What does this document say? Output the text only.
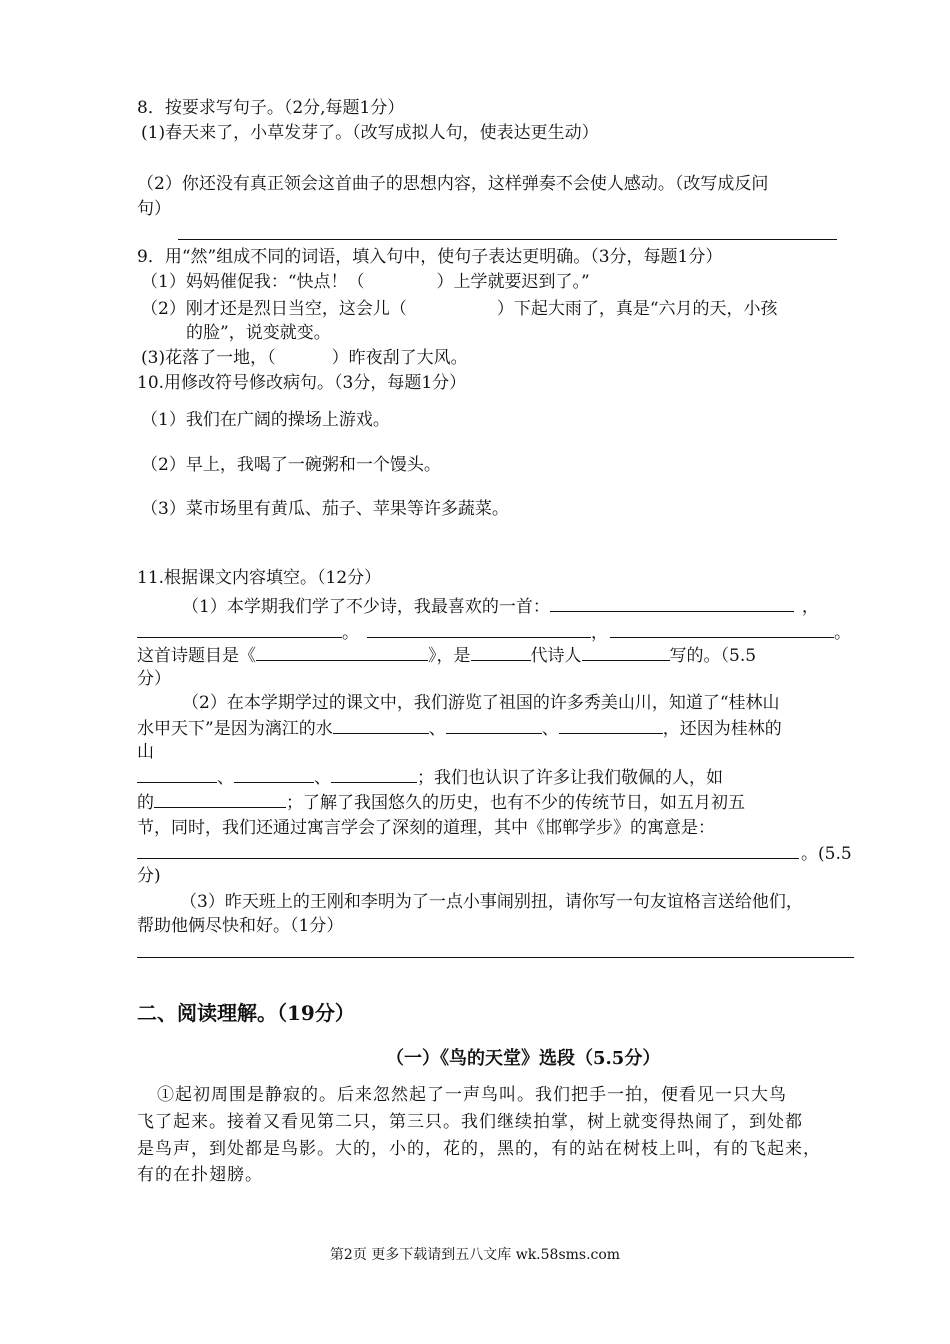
8．按要求写句子。（2分,每题1分）
(1)春天来了，小草发芽了。（改写成拟人句，使表达更生动）
（2）你还没有真正领会这首曲子的思想内容，这样弹奏不会使人感动。（改写成反问
句）
9．用“然”组成不同的词语，填入句中，使句子表达更明确。（3分，每题1分）
（1）妈妈催促我：“快点！（	）上学就要迟到了。”
（2）刚才还是烈日当空，这会儿（	）下起大雨了，真是“六月的天，小孩
的脸”，说变就变。
(3)花落了一地，（	）昨夜刮了大风。
10.用修改符号修改病句。（3分，每题1分）
（1）我们在广阔的操场上游戏。
（2）早上，我喝了一碗粥和一个馒头。
（3）菜市场里有黄瓜、茄子、苹果等许多蔬菜。
11.根据课文内容填空。（12分）
（1）本学期我们学了不少诗，我最喜欢的一首：	，
。	，	。
这首诗题目是《	》，是	代诗人	写的。（5.5
分）
（2）在本学期学过的课文中，我们游览了祖国的许多秀美山川，知道了“桂林山
水甲天下”是因为漓江的水	、	、	，还因为桂林的
山
、	、	；我们也认识了许多让我们敬佩的人，如
的	；了解了我国悠久的历史，也有不少的传统节日，如五月初五
节，同时，我们还通过寓言学会了深刻的道理，其中《邯郸学步》的寓意是：
。(5.5
分)
（3）昨天班上的王刚和李明为了一点小事闹别扭，请你写一句友谊格言送给他们，
帮助他俩尽快和好。（1分）
二、阅读理解。（19分）
（一）《鸟的天堂》选段（5.5分）
①起初周围是静寂的。后来忽然起了一声鸟叫。我们把手一拍，便看见一只大鸟
飞了起来。接着又看见第二只，第三只。我们继续拍掌，树上就变得热闹了，到处都
是鸟声，到处都是鸟影。大的，小的，花的，黑的，有的站在树枝上叫，有的飞起来，
有的在扑翅膀。
第2页 更多下载请到五八文库 wk.58sms.com
